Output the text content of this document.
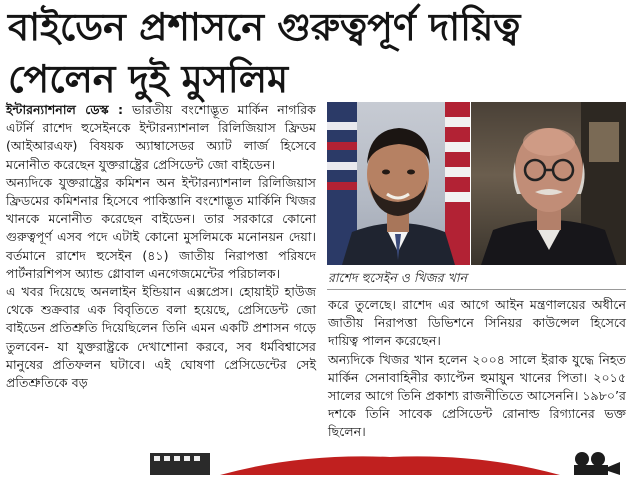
বাইডেন প্রশাসনে গুরুত্বপূর্ণ দায়িত্ব
পেলেন দুই মুসলিম

ইন্টারন্যাশনাল ডেস্ক : ভারতীয় বংশোদ্ভূত মার্কিন নাগরিক এটর্নি রাশেদ হুসেইনকে ইন্টারন্যাশনাল রিলিজিয়াস ফ্রিডম (আইআরএফ) বিষয়ক অ্যাম্বাসেডর অ্যাট লার্জ হিসেবে মনোনীত করেছেন যুক্তরাষ্ট্রের প্রেসিডেন্ট জো বাইডেন।

অন্যদিকে যুক্তরাষ্ট্রের কমিশন অন ইন্টারন্যাশনাল রিলিজিয়াস ফ্রিডমের কমিশনার হিসেবে পাকিস্তানি বংশোদ্ভূত মার্কিনি খিজর খানকে মনোনীত করেছেন বাইডেন। তার সরকারে কোনো গুরুত্বপূর্ণ এসব পদে এটাই কোনো মুসলিমকে মনোনয়ন দেয়া। বর্তমানে রাশেদ হুসেইন (৪১) জাতীয় নিরাপত্তা পরিষদে পার্টনারশিপস অ্যান্ড গ্লোবাল এনগেজমেন্টের পরিচালক।

এ খবর দিয়েছে অনলাইন ইন্ডিয়ান এক্সপ্রেস। হোয়াইট হাউজ থেকে শুক্রবার এক বিবৃতিতে বলা হয়েছে, প্রেসিডেন্ট জো বাইডেন প্রতিশ্রুতি দিয়েছিলেন তিনি এমন একটি প্রশাসন গড়ে তুলবেন- যা যুক্তরাষ্ট্রকে দেখাশোনা করবে, সব ধর্মবিশ্বাসের মানুষের প্রতিফলন ঘটাবে। এই ঘোষণা প্রেসিডেন্টের সেই প্রতিশ্রুতিকে বড়

রাশেদ হুসেইন ও খিজর খান

করে তুলেছে। রাশেদ এর আগে আইন মন্ত্রণালয়ের অধীনে জাতীয় নিরাপত্তা ডিভিশনে সিনিয়র কাউন্সেল হিসেবে দায়িত্ব পালন করেছেন।

অন্যদিকে খিজর খান হলেন ২০০৪ সালে ইরাক যুদ্ধে নিহত মার্কিন সেনাবাহিনীর ক্যাপ্টেন হুমায়ুন খানের পিতা। ২০১৫ সালের আগে তিনি প্রকাশ্য রাজনীতিতে আসেননি। ১৯৮০’র দশকে তিনি সাবেক প্রেসিডেন্ট রোনাল্ড রিগ্যানের ভক্ত ছিলেন।
